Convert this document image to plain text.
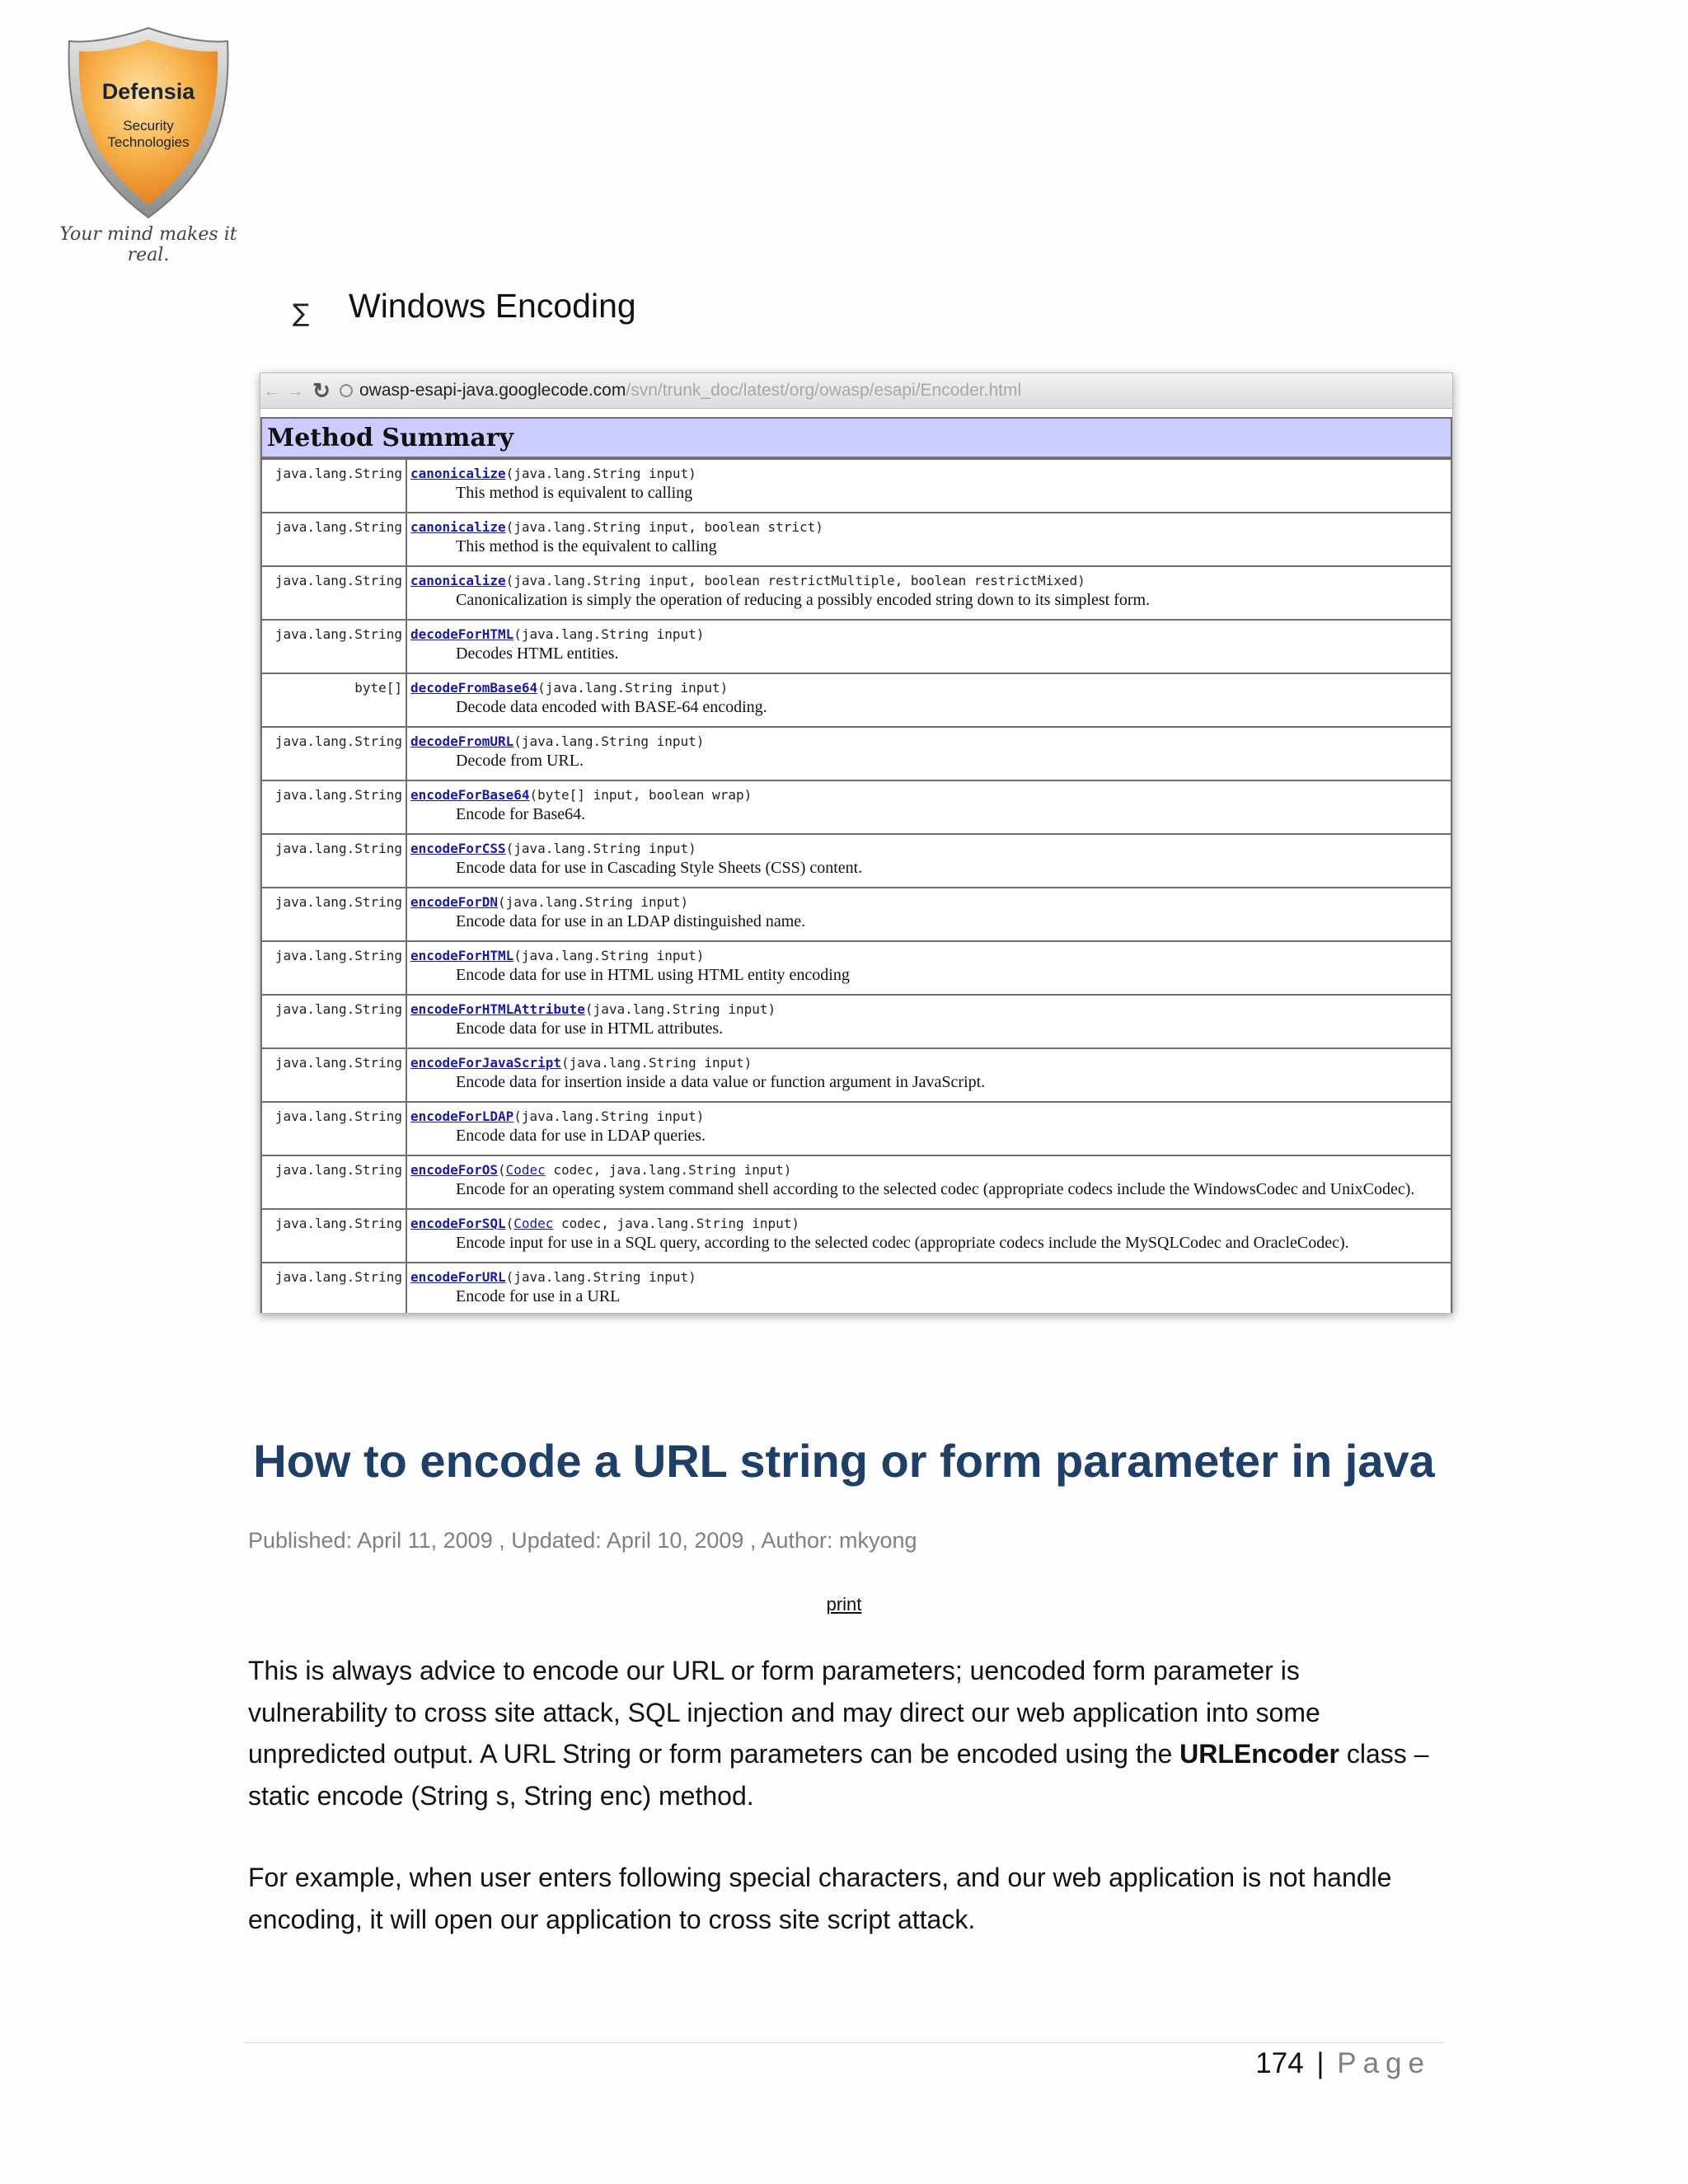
Defensia
Security
Technologies
Your mind makes it real.
∑	Windows Encoding
← → ↻	owasp-esapi-java.googlecode.com /svn/trunk_doc/latest/org/owasp/esapi/Encoder.html
Method Summary
java.lang.String	canonicalize(java.lang.String input)
This method is equivalent to calling

java.lang.String	canonicalize(java.lang.String input, boolean strict)
This method is the equivalent to calling

java.lang.String	canonicalize(java.lang.String input, boolean restrictMultiple, boolean restrictMixed)
Canonicalization is simply the operation of reducing a possibly encoded string down to its simplest form.

java.lang.String	decodeForHTML(java.lang.String input)
Decodes HTML entities.

byte[]	decodeFromBase64(java.lang.String input)
Decode data encoded with BASE-64 encoding.

java.lang.String	decodeFromURL(java.lang.String input)
Decode from URL.

java.lang.String	encodeForBase64(byte[] input, boolean wrap)
Encode for Base64.

java.lang.String	encodeForCSS(java.lang.String input)
Encode data for use in Cascading Style Sheets (CSS) content.

java.lang.String	encodeForDN(java.lang.String input)
Encode data for use in an LDAP distinguished name.

java.lang.String	encodeForHTML(java.lang.String input)
Encode data for use in HTML using HTML entity encoding

java.lang.String	encodeForHTMLAttribute(java.lang.String input)
Encode data for use in HTML attributes.

java.lang.String	encodeForJavaScript(java.lang.String input)
Encode data for insertion inside a data value or function argument in JavaScript.

java.lang.String	encodeForLDAP(java.lang.String input)
Encode data for use in LDAP queries.

java.lang.String	encodeForOS(Codec codec, java.lang.String input)
Encode for an operating system command shell according to the selected codec (appropriate codecs include the WindowsCodec and UnixCodec).

java.lang.String	encodeForSQL(Codec codec, java.lang.String input)
Encode input for use in a SQL query, according to the selected codec (appropriate codecs include the MySQLCodec and OracleCodec).

java.lang.String	encodeForURL(java.lang.String input)
Encode for use in a URL
How to encode a URL string or form parameter in java
Published: April 11, 2009 , Updated: April 10, 2009 , Author: mkyong
print
This is always advice to encode our URL or form parameters; uencoded form parameter is vulnerability to cross site attack, SQL injection and may direct our web application into some unpredicted output. A URL String or form parameters can be encoded using the URLEncoder class – static encode (String s, String enc) method.
For example, when user enters following special characters, and our web application is not handle encoding, it will open our application to cross site script attack.
174 | Page
